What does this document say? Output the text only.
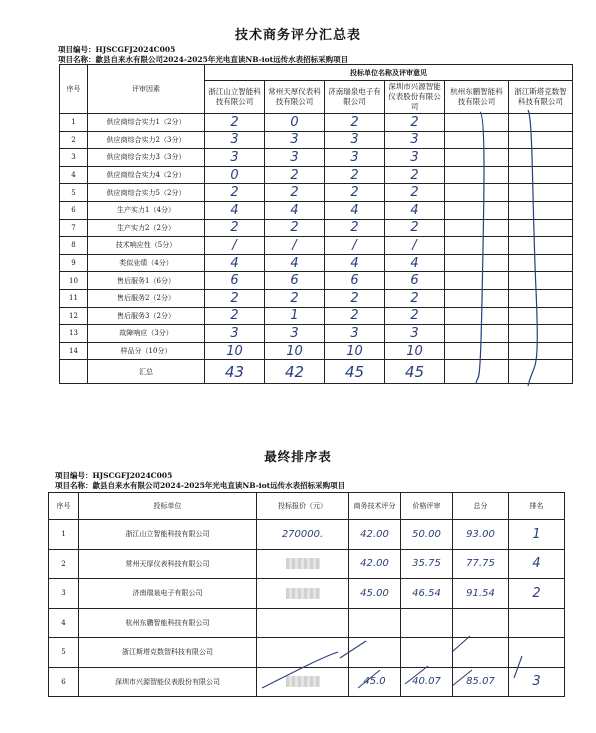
技术商务评分汇总表
项目编号：HJSCGFJ2024C005
项目名称：歙县自来水有限公司2024-2025年光电直读NB-iot远传水表招标采购项目
序号	评审因素	投标单位名称及评审意见					
		浙江山立智能科技有限公司	常州天厚仪表科技有限公司	济南瑞泉电子有限公司	深圳市兴源智能仪表股份有限公司	杭州东鹏智能科技有限公司	浙江斯塔克数智科技有限公司
1	供应商综合实力1（2分）	2	0	2	2		
2	供应商综合实力2（3分）	3	3	3	3		
3	供应商综合实力3（3分）	3	3	3	3		
4	供应商综合实力4（2分）	0	2	2	2		
5	供应商综合实力5（2分）	2	2	2	2		
6	生产实力1（4分）	4	4	4	4		
7	生产实力2（2分）	2	2	2	2		
8	技术响应性（5分）	/	/	/	/		
9	类似业绩（4分）	4	4	4	4		
10	售后服务1（6分）	6	6	6	6		
11	售后服务2（2分）	2	2	2	2		
12	售后服务3（2分）	2	1	2	2		
13	故障响应（3分）	3	3	3	3		
14	样品分（10分）	10	10	10	10		
	汇总	43	42	45	45		
最终排序表
项目编号：HJSCGFJ2024C005
项目名称：歙县自来水有限公司2024-2025年光电直读NB-iot远传水表招标采购项目
序号	投标单位	投标报价（元）	商务技术评分	价格评审	总分	排名
1	浙江山立智能科技有限公司	270000.	42.00	50.00	93.00	1
2	常州天厚仪表科技有限公司		42.00	35.75	77.75	4
3	济南瑞泉电子有限公司		45.00	46.54	91.54	2
4	杭州东鹏智能科技有限公司					
5	浙江斯塔克数智科技有限公司					
6	深圳市兴源智能仪表股份有限公司		45.0	40.07	85.07	3
